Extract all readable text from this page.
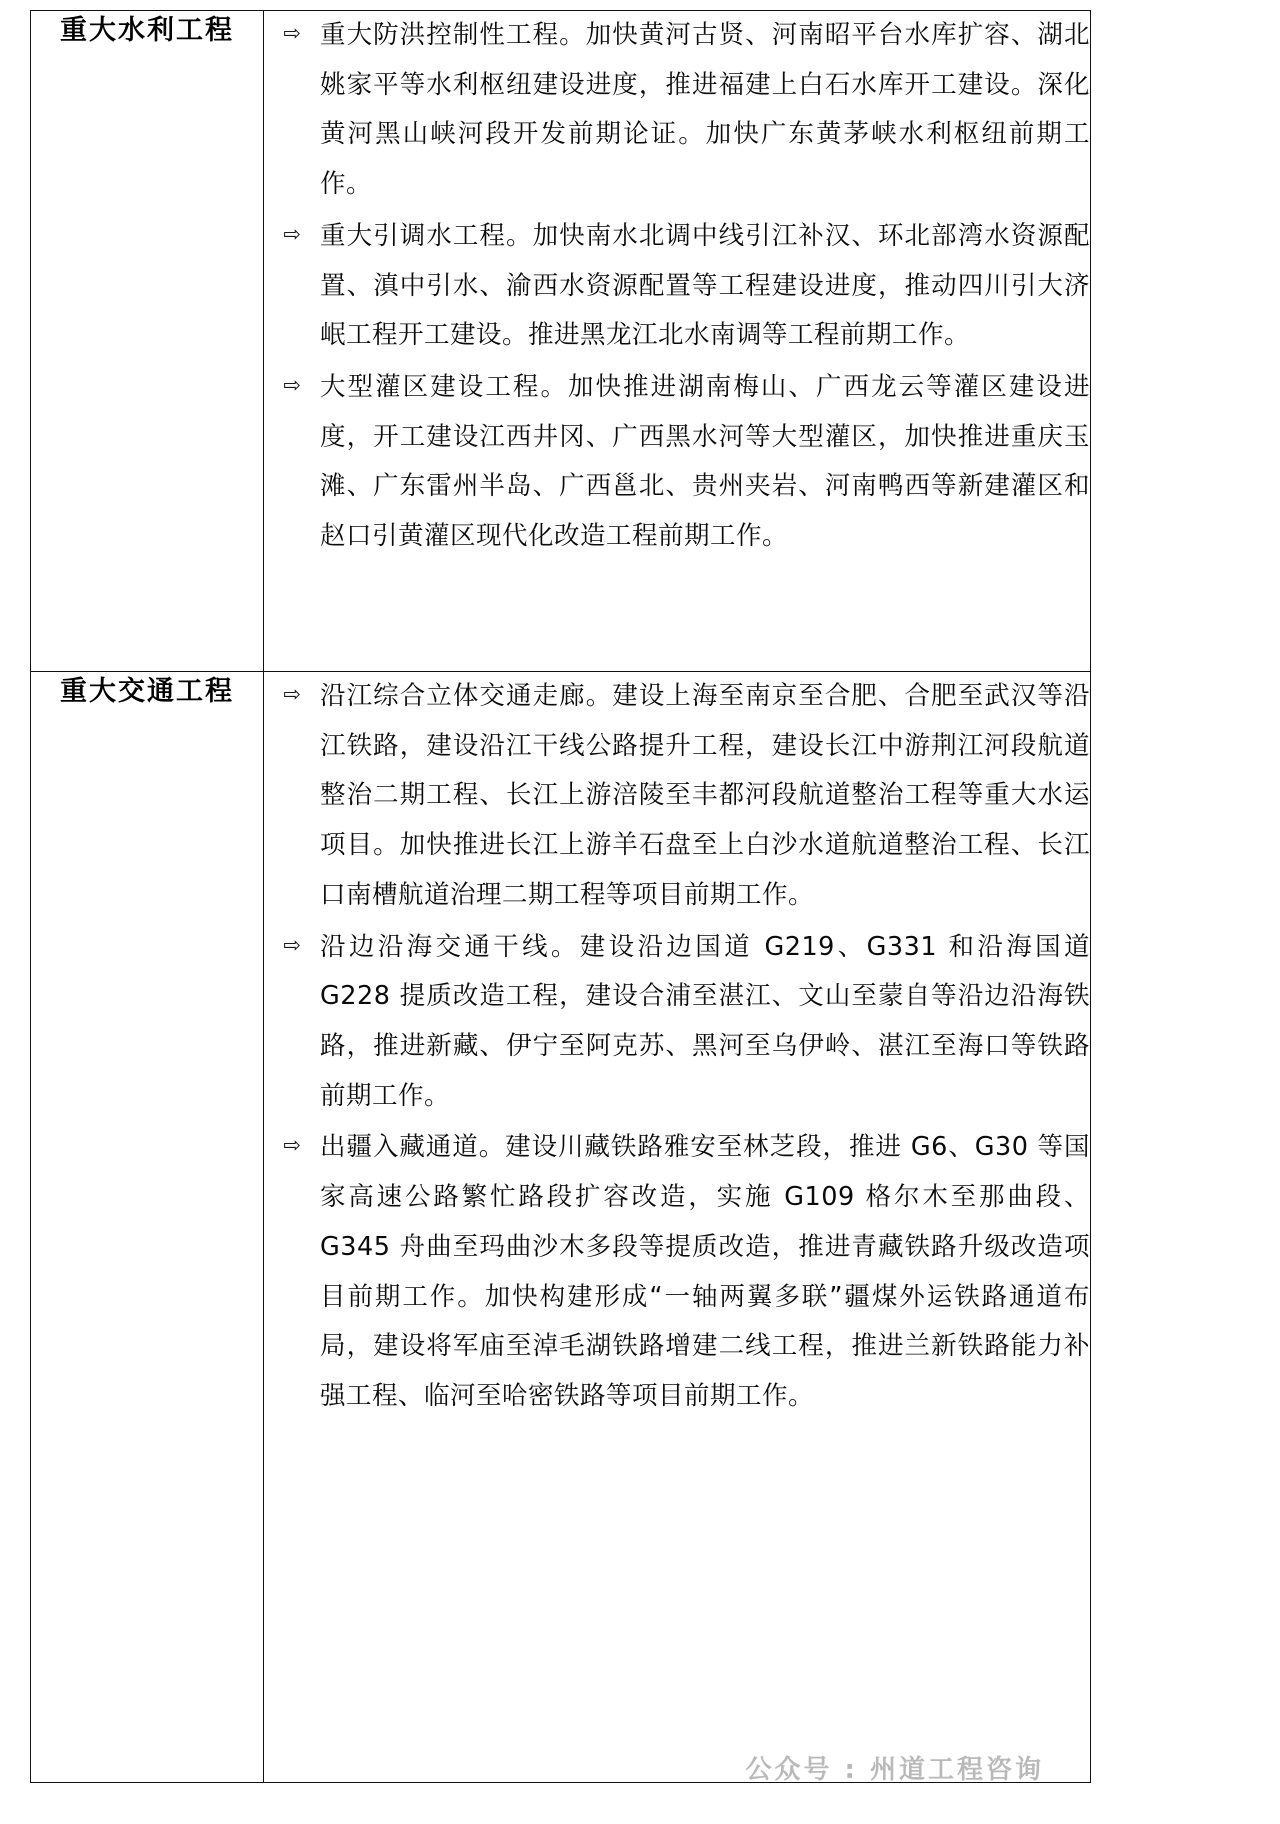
重大水利工程	⇨ 重大防洪控制性工程。加快黄河古贤、河南昭平台水库扩容、湖北姚家平等水利枢纽建设进度，推进福建上白石水库开工建设。深化黄河黑山峡河段开发前期论证。加快广东黄茅峡水利枢纽前期工作。
⇨ 重大引调水工程。加快南水北调中线引江补汉、环北部湾水资源配置、滇中引水、渝西水资源配置等工程建设进度，推动四川引大济岷工程开工建设。推进黑龙江北水南调等工程前期工作。
⇨ 大型灌区建设工程。加快推进湖南梅山、广西龙云等灌区建设进度，开工建设江西井冈、广西黑水河等大型灌区，加快推进重庆玉滩、广东雷州半岛、广西邕北、贵州夹岩、河南鸭西等新建灌区和赵口引黄灌区现代化改造工程前期工作。

重大交通工程	⇨ 沿江综合立体交通走廊。建设上海至南京至合肥、合肥至武汉等沿江铁路，建设沿江干线公路提升工程，建设长江中游荆江河段航道整治二期工程、长江上游涪陵至丰都河段航道整治工程等重大水运项目。加快推进长江上游羊石盘至上白沙水道航道整治工程、长江口南槽航道治理二期工程等项目前期工作。
⇨ 沿边沿海交通干线。建设沿边国道 G219、G331 和沿海国道 G228 提质改造工程，建设合浦至湛江、文山至蒙自等沿边沿海铁路，推进新藏、伊宁至阿克苏、黑河至乌伊岭、湛江至海口等铁路前期工作。
⇨ 出疆入藏通道。建设川藏铁路雅安至林芝段，推进 G6、G30 等国家高速公路繁忙路段扩容改造，实施 G109 格尔木至那曲段、G345 舟曲至玛曲沙木多段等提质改造，推进青藏铁路升级改造项目前期工作。加快构建形成“一轴两翼多联”疆煤外运铁路通道布局，建设将军庙至淖毛湖铁路增建二线工程，推进兰新铁路能力补强工程、临河至哈密铁路等项目前期工作。
公众号 : 州道工程咨询
